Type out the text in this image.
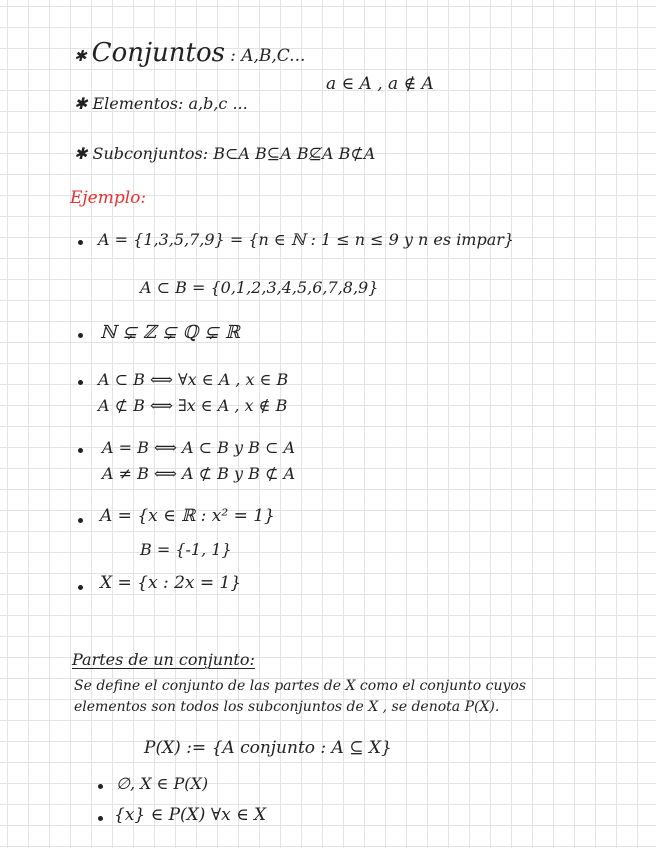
✱ Conjuntos : A,B,C...
✱ Elementos: a,b,c ...
a ∈ A , a ∉ A
✱ Subconjuntos: B⊂A B⊆A B⊈A B⊄A
Ejemplo:
A = {1,3,5,7,9} = {n ∈ ℕ : 1 ≤ n ≤ 9 y n es impar}
A ⊂ B = {0,1,2,3,4,5,6,7,8,9}
ℕ ⊊ ℤ ⊊ ℚ ⊊ ℝ
A ⊂ B ⟺ ∀x ∈ A , x ∈ B
A ⊄ B ⟺ ∃x ∈ A , x ∉ B
A = B ⟺ A ⊂ B y B ⊂ A
A ≠ B ⟺ A ⊄ B y B ⊄ A
A = {x ∈ ℝ : x² = 1}
B = {-1, 1}
X = {x : 2x = 1}
Partes de un conjunto:
Se define el conjunto de las partes de X como el conjunto cuyos
elementos son todos los subconjuntos de X , se denota P(X).
P(X) := {A conjunto : A ⊆ X}
∅, X ∈ P(X)
{x} ∈ P(X) ∀x ∈ X
